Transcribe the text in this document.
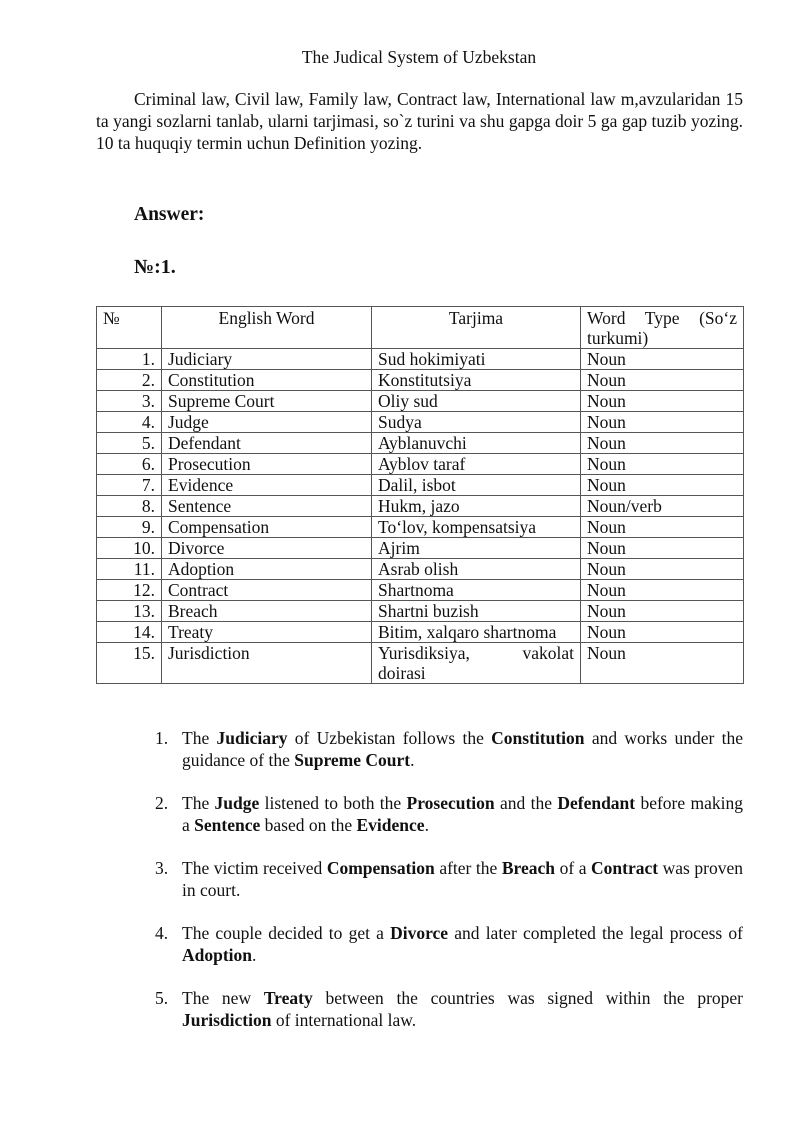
The Judical System of Uzbekstan
Criminal law, Civil law, Family law, Contract law, International law m,avzularidan 15 ta yangi sozlarni tanlab, ularni tarjimasi, so`z turini va shu gapga doir 5 ga gap tuzib yozing. 10 ta huquqiy termin uchun Definition yozing.
Answer:
№:1.
№	English Word	Tarjima	Word Type (So‘z turkumi)
1.	Judiciary	Sud hokimiyati	Noun
2.	Constitution	Konstitutsiya	Noun
3.	Supreme Court	Oliy sud	Noun
4.	Judge	Sudya	Noun
5.	Defendant	Ayblanuvchi	Noun
6.	Prosecution	Ayblov taraf	Noun
7.	Evidence	Dalil, isbot	Noun
8.	Sentence	Hukm, jazo	Noun/verb
9.	Compensation	To‘lov, kompensatsiya	Noun
10.	Divorce	Ajrim	Noun
11.	Adoption	Asrab olish	Noun
12.	Contract	Shartnoma	Noun
13.	Breach	Shartni buzish	Noun
14.	Treaty	Bitim, xalqaro shartnoma	Noun
15.	Jurisdiction	Yurisdiksiya, vakolat doirasi	Noun
1. The Judiciary of Uzbekistan follows the Constitution and works under the guidance of the Supreme Court.
2. The Judge listened to both the Prosecution and the Defendant before making a Sentence based on the Evidence.
3. The victim received Compensation after the Breach of a Contract was proven in court.
4. The couple decided to get a Divorce and later completed the legal process of Adoption.
5. The new Treaty between the countries was signed within the proper Jurisdiction of international law.
